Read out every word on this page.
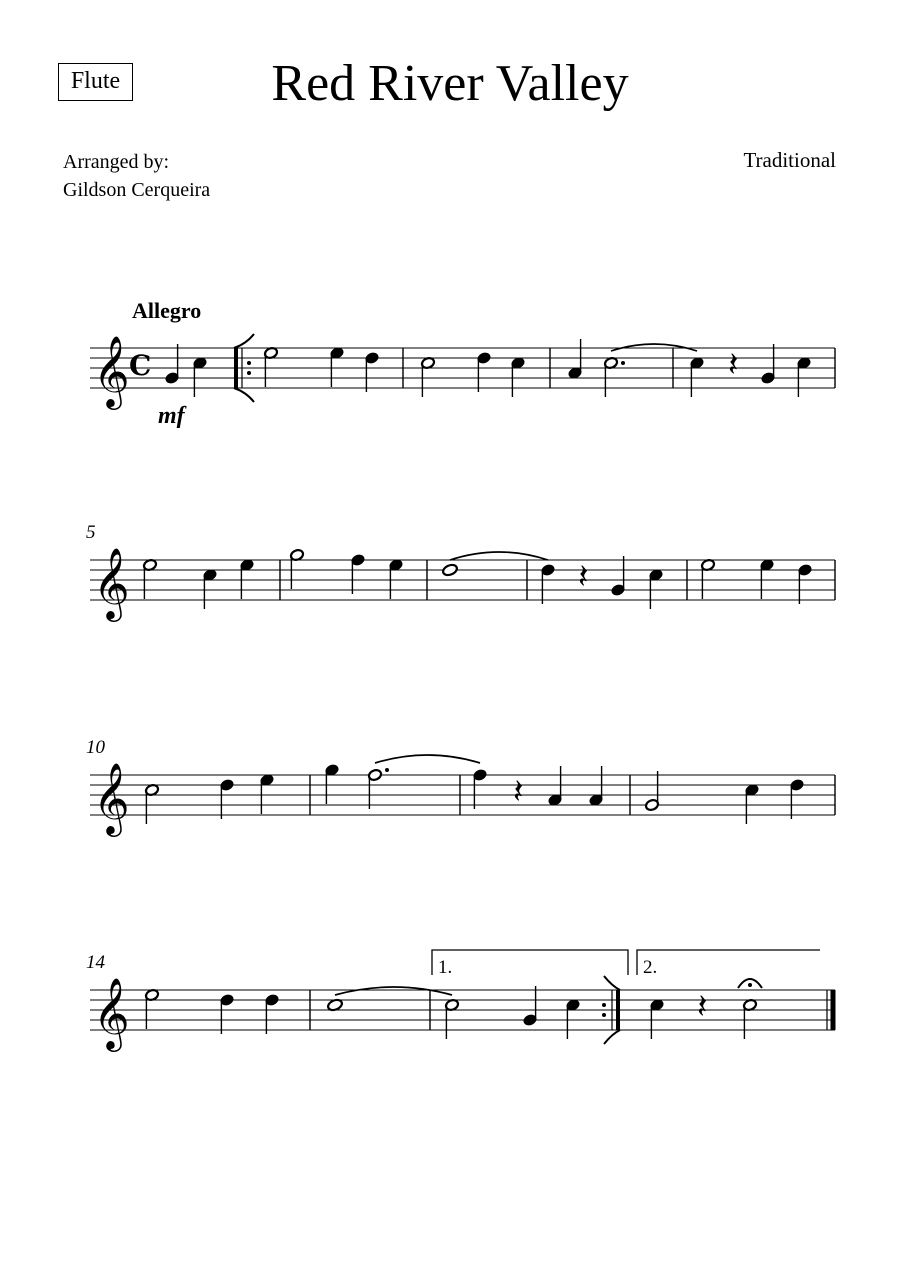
Flute	Red River Valley
Arranged by:
Gildson Cerqueira
Traditional
Allegro
mf
5
10
14	1.	2.
𝄞 C	𝄽
𝄞	𝄽
𝄞	𝄽
𝄞	𝄽
